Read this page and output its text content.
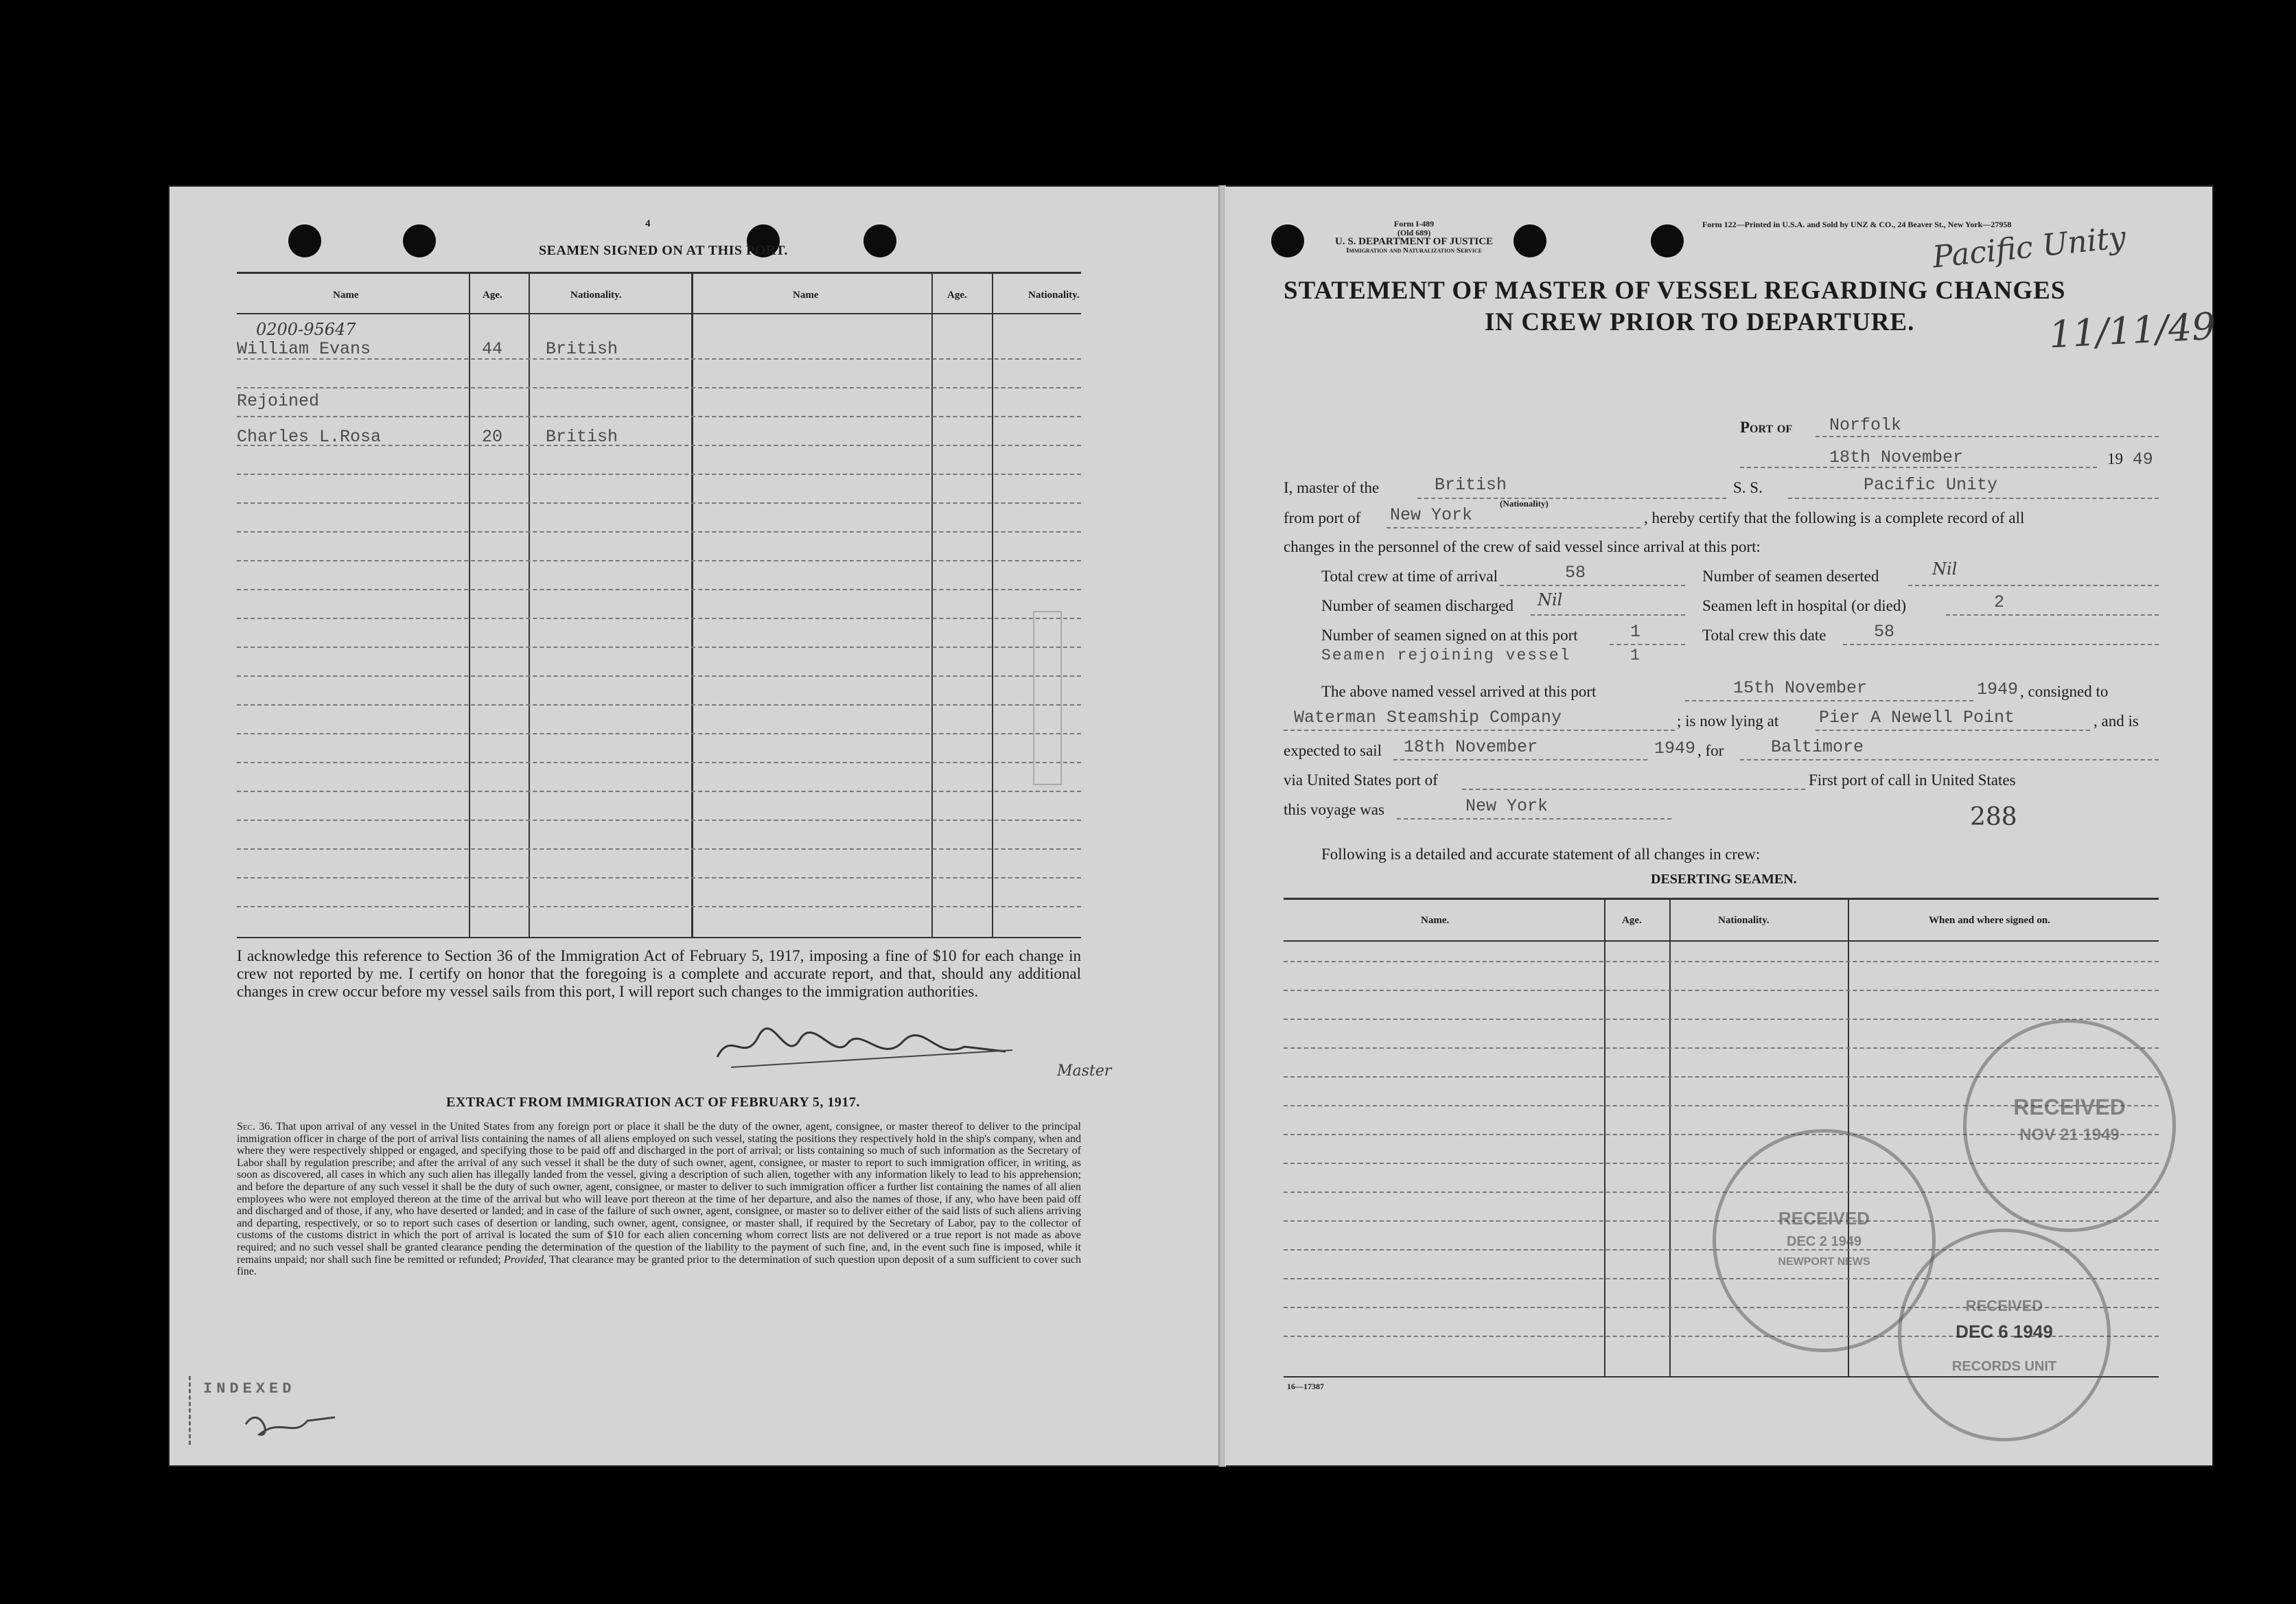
4
SEAMEN SIGNED ON AT THIS PORT.
Name	Age.	Nationality.	Name	Age.	Nationality.
0200-95647
William Evans	44	British
Rejoined
Charles L.Rosa	20	British
I acknowledge this reference to Section 36 of the Immigration Act of February 5, 1917, imposing a fine of $10 for each change in crew not reported by me. I certify on honor that the foregoing is a complete and accurate report, and that, should any additional changes in crew occur before my vessel sails from this port, I will report such changes to the immigration authorities.
Master
EXTRACT FROM IMMIGRATION ACT OF FEBRUARY 5, 1917.
Sec. 36. That upon arrival of any vessel in the United States from any foreign port or place it shall be the duty of the owner, agent, consignee, or master thereof to deliver to the principal immigration officer in charge of the port of arrival lists containing the names of all aliens employed on such vessel, stating the positions they respectively hold in the ship's company, when and where they were respectively shipped or engaged, and specifying those to be paid off and discharged in the port of arrival; or lists containing so much of such information as the Secretary of Labor shall by regulation prescribe; and after the arrival of any such vessel it shall be the duty of such owner, agent, consignee, or master to report to such immigration officer, in writing, as soon as discovered, all cases in which any such alien has illegally landed from the vessel, giving a description of such alien, together with any information likely to lead to his apprehension; and before the departure of any such vessel it shall be the duty of such owner, agent, consignee, or master to deliver to such immigration officer a further list containing the names of all alien employees who were not employed thereon at the time of the arrival but who will leave port thereon at the time of her departure, and also the names of those, if any, who have been paid off and discharged and of those, if any, who have deserted or landed; and in case of the failure of such owner, agent, consignee, or master so to deliver either of the said lists of such aliens arriving and departing, respectively, or so to report such cases of desertion or landing, such owner, agent, consignee, or master shall, if required by the Secretary of Labor, pay to the collector of customs of the customs district in which the port of arrival is located the sum of $10 for each alien concerning whom correct lists are not delivered or a true report is not made as above required; and no such vessel shall be granted clearance pending the determination of the question of the liability to the payment of such fine, and, in the event such fine is imposed, while it remains unpaid; nor shall such fine be remitted or refunded; Provided, That clearance may be granted prior to the determination of such question upon deposit of a sum sufficient to cover such fine.
INDEXED
Form I-489
(Old 689)
U. S. DEPARTMENT OF JUSTICE
Immigration and Naturalization Service
Form 122—Printed in U.S.A. and Sold by UNZ & CO., 24 Beaver St., New York—27958
Pacific Unity
11/11/49
STATEMENT OF MASTER OF VESSEL REGARDING CHANGES
IN CREW PRIOR TO DEPARTURE.
Port of Norfolk
18th November	19 49
I, master of the	British
(Nationality)
S. S.	Pacific Unity
from port of New York	, hereby certify that the following is a complete record of all
changes in the personnel of the crew of said vessel since arrival at this port:
Total crew at time of arrival	58	Number of seamen deserted	Nil
Number of seamen discharged Nil	Seamen left in hospital (or died)	2
Number of seamen signed on at this port	1	Total crew this date	58
Seamen rejoining vessel	1
The above named vessel arrived at this port	15th November	1949 , consigned to
Waterman Steamship Company	; is now lying at Pier A Newell Point	, and is
expected to sail 18th November	1949 , for	Baltimore
via United States port of	First port of call in United States
this voyage was	New York	288
Following is a detailed and accurate statement of all changes in crew:
DESERTING SEAMEN.
Name.	Age.	Nationality.	When and where signed on.
16—17387
RECEIVED
NOV 21 1949
RECEIVED
DEC 2 1949
NEWPORT NEWS
RECEIVED
DEC 6 1949
RECORDS UNIT
